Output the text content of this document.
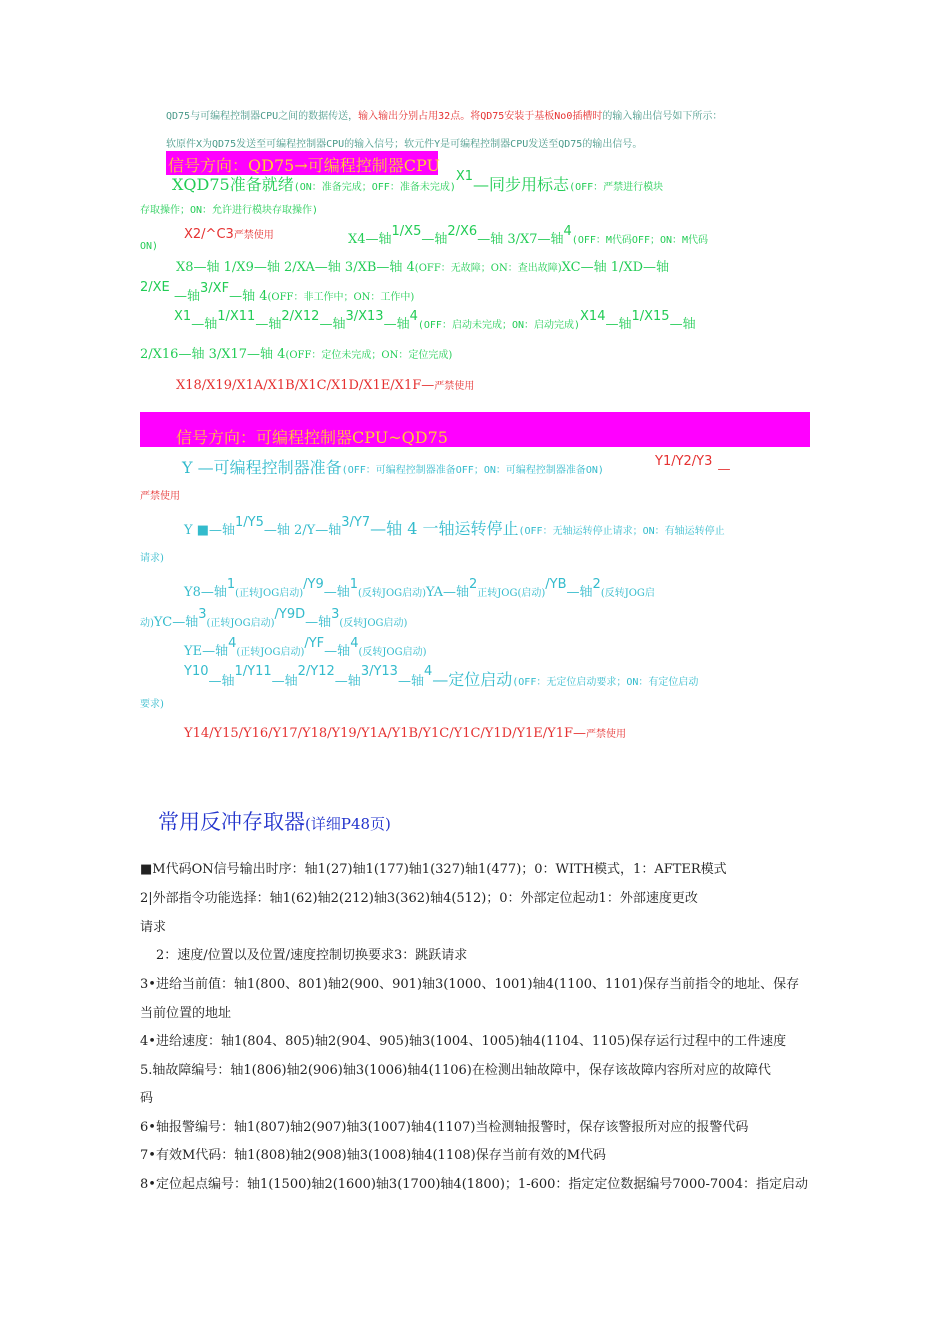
QD75与可编程控制器CPU之间的数据传送，输入输出分别占用32点。将QD75安装于基板No0插槽时的输入输出信号如下所示：
软原件X为QD75发送至可编程控制器CPU的输入信号；软元件Y是可编程控制器CPU发送至QD75的输出信号。
信号方向：QD75→可编程控制器CPU
XQD75准备就绪(ON：准备完成；OFF：准备未完成)$^{X1}$—同步用标志(OFF：严禁进行模块
存取操作；ON：允许进行模块存取操作)
X2/^C3严禁使用	$_{X4—轴}1/X5_{—轴}2/X6_{—轴 3/X7—轴}4_{(OFF:M代码OFF;ON:M代码}$
ON)
X8—轴 1/X9—轴 2/XA—轴 3/XB—轴 4(OFF：无故障；ON：查出故障)XC—轴 1/XD—轴
2/XE
$_{—轴}3/XF_{—轴 4(OFF:非工作中;ON:工作中)}$
$X1_{—轴}1/X11_{—轴}2/X12_{—轴}3/X13_{—轴}4_{(OFF:启动未完成;ON:启动完成)}X14_{—轴}1/X15_{—轴}$
2/X16—轴 3/X17—轴 4(OFF：定位未完成；ON：定位完成)
X18/X19/X1A/X1B/X1C/X1D/X1E/X1F—严禁使用
信号方向：可编程控制器CPU~QD75
Y —可编程控制器准备(OFF：可编程控制器准备OFF；ON：可编程控制器准备ON)
Y1/Y2/Y3 $_—$
严禁使用
$_{Y ■—轴}1/Y5_{—轴 2/Y—轴}3/Y7—$轴 4 一轴运转停止$_{(OFF:无轴运转停止请求;ON:有轴运转停止}$
请求)
$_{Y8—轴}1_{(正转JOG启动)}/Y9_{—轴}1_{(反转JOG启动)YA—轴}2_{正转JOG(启动)}/YB_{—轴}2_{(反转JOG启}$
$_{动)YC—轴}3_{(正转JOG启动)}/Y9D_{—轴}3_{(反转JOG启动)}$
$_{YE—轴}4_{(正转JOG启动)}/YF_{—轴}4_{(反转JOG启动)}$
$Y10_{—轴}1/Y11_{—轴}2/Y12_{—轴}3/Y13_{—轴}4—$定位启动$_{(OFF:无定位启动要求;ON:有定位启动}$
要求)
Y14/Y15/Y16/Y17/Y18/Y19/Y1A/Y1B/Y1C/Y1C/Y1D/Y1E/Y1F—严禁使用
常用反冲存取器(详细P48页)
■M代码ON信号输出时序：轴1(27)轴1(177)轴1(327)轴1(477)；0：WITH模式，1：AFTER模式
2|外部指令功能选择：轴1(62)轴2(212)轴3(362)轴4(512)；0：外部定位起动1：外部速度更改
请求
2：速度/位置以及位置/速度控制切换要求3：跳跃请求
3•进给当前值：轴1(800、801)轴2(900、901)轴3(1000、1001)轴4(1100、1101)保存当前指令的地址、保存
当前位置的地址
4•进给速度：轴1(804、805)轴2(904、905)轴3(1004、1005)轴4(1104、1105)保存运行过程中的工件速度
5.轴故障编号：轴1(806)轴2(906)轴3(1006)轴4(1106)在检测出轴故障中，保存该故障内容所对应的故障代
码
6•轴报警编号：轴1(807)轴2(907)轴3(1007)轴4(1107)当检测轴报警时，保存该警报所对应的报警代码
7•有效M代码：轴1(808)轴2(908)轴3(1008)轴4(1108)保存当前有效的M代码
8•定位起点编号：轴1(1500)轴2(1600)轴3(1700)轴4(1800)；1-600：指定定位数据编号7000-7004：指定启动
